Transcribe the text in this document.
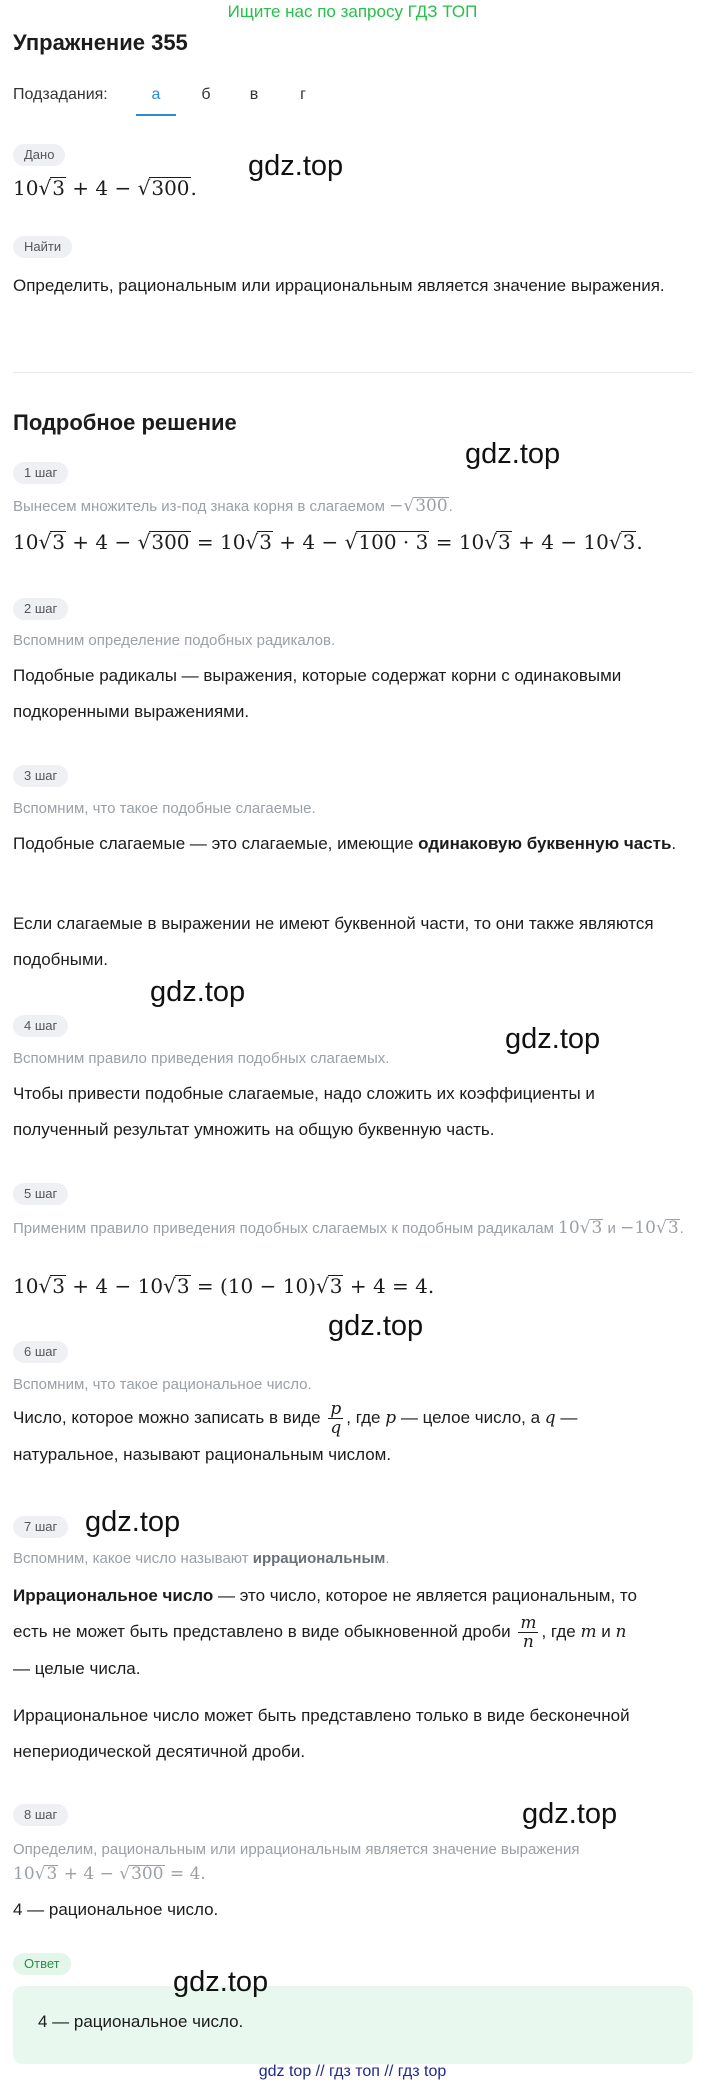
Ищите нас по запросу ГДЗ ТОП
Упражнение 355
Подзадания:	а	б	в	г
Дано
10√3 + 4 − √300.
Найти
Определить, рациональным или иррациональным является значение выражения.
Подробное решение
1 шаг
Вынесем множитель из-под знака корня в слагаемом −√300.
10√3 + 4 − √300 = 10√3 + 4 − √100 · 3 = 10√3 + 4 − 10√3.
2 шаг
Вспомним определение подобных радикалов.
Подобные радикалы — выражения, которые содержат корни с одинаковыми подкоренными выражениями.
3 шаг
Вспомним, что такое подобные слагаемые.
Подобные слагаемые — это слагаемые, имеющие одинаковую буквенную часть.
Если слагаемые в выражении не имеют буквенной части, то они также являются подобными.
4 шаг
Вспомним правило приведения подобных слагаемых.
Чтобы привести подобные слагаемые, надо сложить их коэффициенты и полученный результат умножить на общую буквенную часть.
5 шаг
Применим правило приведения подобных слагаемых к подобным радикалам 10√3 и −10√3.
10√3 + 4 − 10√3 = (10 − 10)√3 + 4 = 4.
6 шаг
Вспомним, что такое рациональное число.
Число, которое можно записать в виде $\frac{p}{q}$ , где p — целое число, а q —
натуральное, называют рациональным числом.
7 шаг
Вспомним, какое число называют иррациональным.
Иррациональное число — это число, которое не является рациональным, то
есть не может быть представлено в виде обыкновенной дроби $\frac{m}{n}$ , где m и n
— целые числа.
Иррациональное число может быть представлено только в виде бесконечной непериодической десятичной дроби.
8 шаг
Определим, рациональным или иррациональным является значение выражения
10√3 + 4 − √300 = 4.
4 — рациональное число.
Ответ
4 — рациональное число.
gdz.top
gdz.top
gdz.top
gdz.top
gdz.top
gdz.top
gdz.top
gdz.top
gdz top // гдз топ // гдз top
